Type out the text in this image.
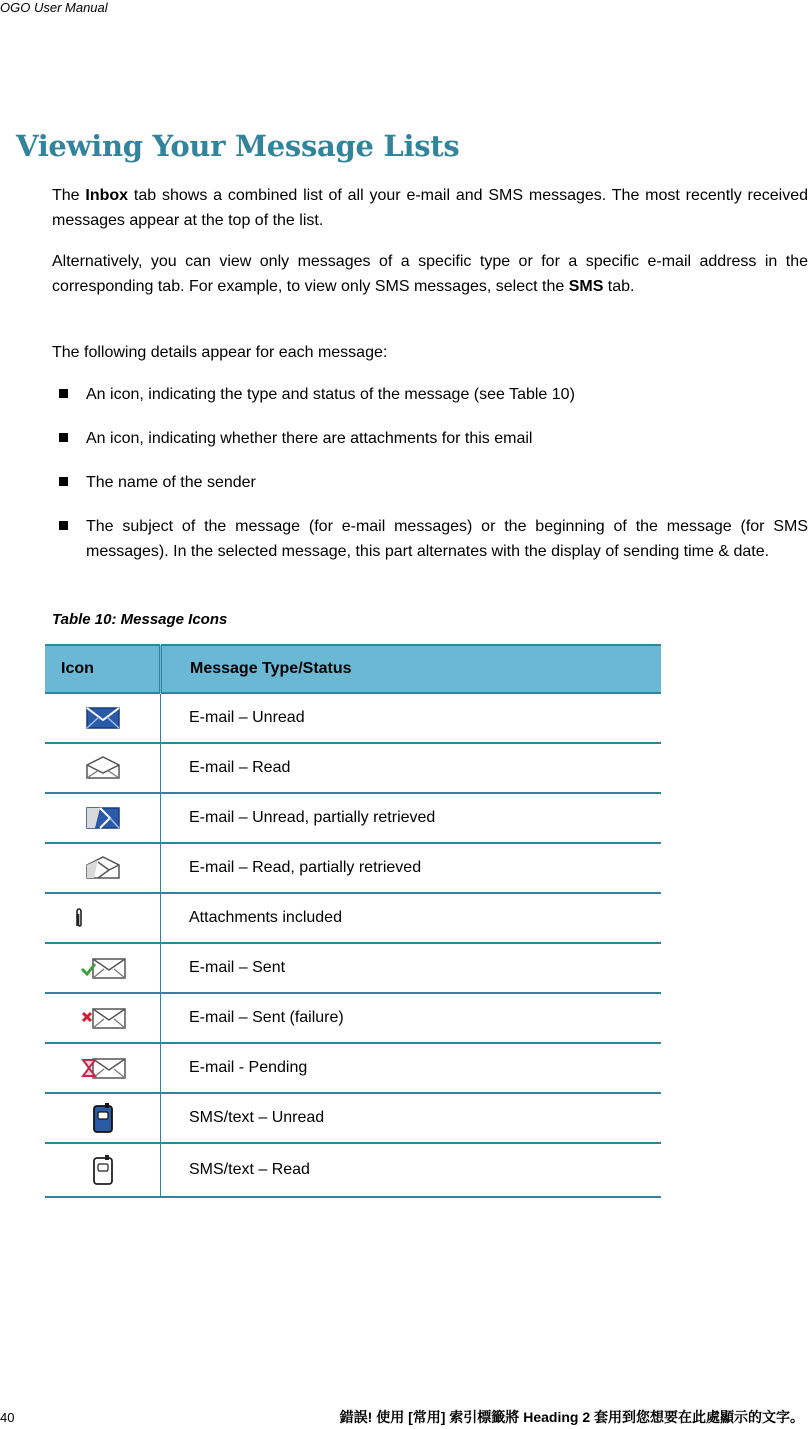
OGO User Manual
Viewing Your Message Lists

The Inbox tab shows a combined list of all your e-mail and SMS messages. The most recently received messages appear at the top of the list.

Alternatively, you can view only messages of a specific type or for a specific e-mail address in the corresponding tab. For example, to view only SMS messages, select the SMS tab.

The following details appear for each message:

An icon, indicating the type and status of the message (see Table 10)
An icon, indicating whether there are attachments for this email
The name of the sender
The subject of the message (for e-mail messages) or the beginning of the message (for SMS messages). In the selected message, this part alternates with the display of sending time & date.
Table 10: Message Icons
Icon	Message Type/Status
	E-mail – Unread
	E-mail – Read
	E-mail – Unread, partially retrieved
	E-mail – Read, partially retrieved
	Attachments included
	E-mail – Sent
	E-mail – Sent (failure)
	E-mail - Pending
	SMS/text – Unread
	SMS/text – Read
40	錯誤! 使用 [常用] 索引標籤將 Heading 2 套用到您想要在此處顯示的文字。
